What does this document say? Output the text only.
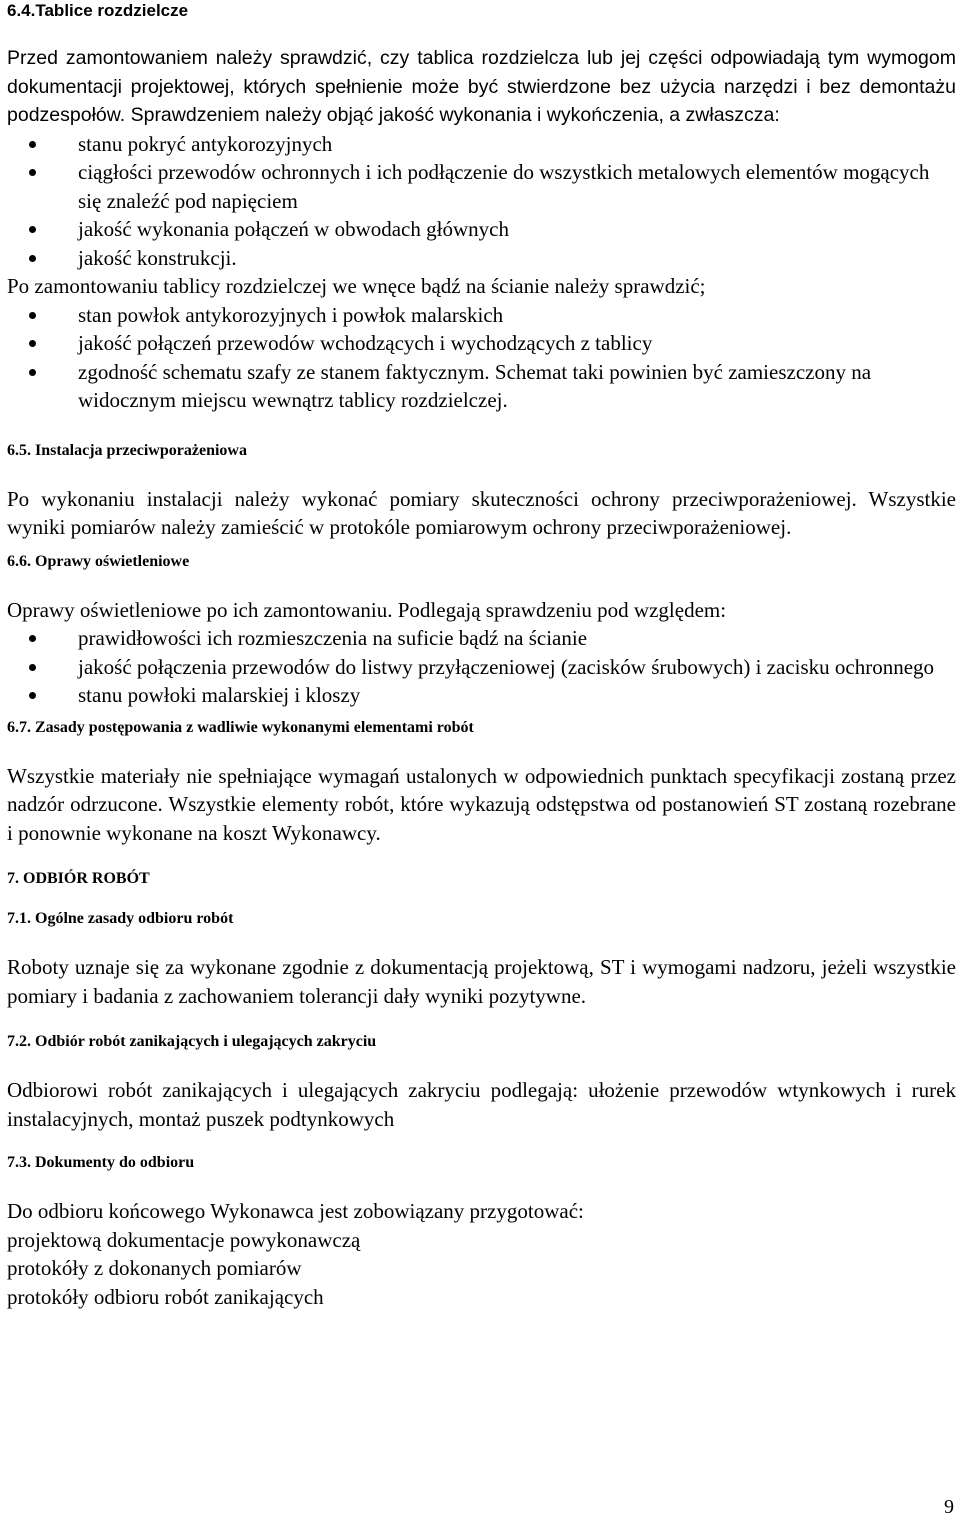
6.4.Tablice rozdzielcze

Przed zamontowaniem należy sprawdzić, czy tablica rozdzielcza lub jej części odpowiadają tym wymogom dokumentacji projektowej, których spełnienie może być stwierdzone bez użycia narzędzi i bez demontażu podzespołów. Sprawdzeniem należy objąć jakość wykonania i wykończenia, a zwłaszcza:

stanu pokryć antykorozyjnych
ciągłości przewodów ochronnych i ich podłączenie do wszystkich metalowych elementów mogących się znaleźć pod napięciem
jakość wykonania połączeń w obwodach głównych
jakość konstrukcji.

Po zamontowaniu tablicy rozdzielczej we wnęce bądź na ścianie należy sprawdzić;

stan powłok antykorozyjnych i powłok malarskich
jakość połączeń przewodów wchodzących i wychodzących z tablicy
zgodność schematu szafy ze stanem faktycznym. Schemat taki powinien być zamieszczony na widocznym miejscu wewnątrz tablicy rozdzielczej.
6.5. Instalacja przeciwporażeniowa

Po wykonaniu instalacji należy wykonać pomiary skuteczności ochrony przeciwporażeniowej. Wszystkie wyniki pomiarów należy zamieścić w protokóle pomiarowym ochrony przeciwporażeniowej.

6.6. Oprawy oświetleniowe

Oprawy oświetleniowe po ich zamontowaniu. Podlegają sprawdzeniu pod względem:

prawidłowości ich rozmieszczenia na suficie bądź na ścianie
jakość połączenia przewodów do listwy przyłączeniowej (zacisków śrubowych) i zacisku ochronnego
stanu powłoki malarskiej i kloszy
6.7. Zasady postępowania z wadliwie wykonanymi elementami robót

Wszystkie materiały nie spełniające wymagań ustalonych w odpowiednich punktach specyfikacji zostaną przez nadzór odrzucone. Wszystkie elementy robót, które wykazują odstępstwa od postanowień ST zostaną rozebrane i ponownie wykonane na koszt Wykonawcy.

7. ODBIÓR ROBÓT
7.1. Ogólne zasady odbioru robót

Roboty uznaje się za wykonane zgodnie z dokumentacją projektową, ST i wymogami nadzoru, jeżeli wszystkie pomiary i badania z zachowaniem tolerancji dały wyniki pozytywne.

7.2. Odbiór robót zanikających i ulegających zakryciu

Odbiorowi robót zanikających i ulegających zakryciu podlegają: ułożenie przewodów wtynkowych i rurek instalacyjnych, montaż puszek podtynkowych

7.3. Dokumenty do odbioru

Do odbioru końcowego Wykonawca jest zobowiązany przygotować:

projektową dokumentacje powykonawczą

protokóły z dokonanych pomiarów

protokóły odbioru robót zanikających

9
